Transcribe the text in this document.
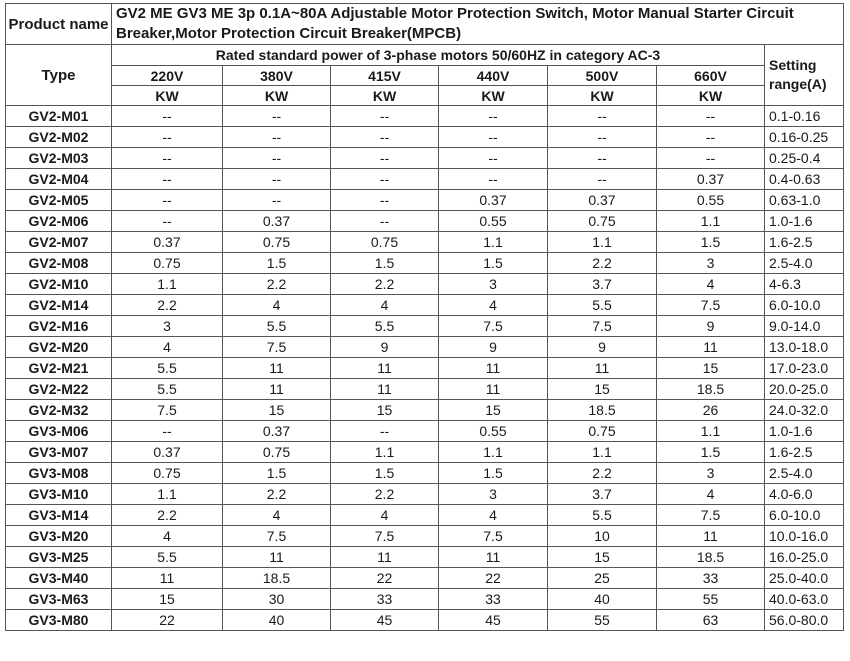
Product name	GV2 ME GV3 ME 3p 0.1A~80A Adjustable Motor Protection Switch, Motor Manual Starter Circuit Breaker,Motor Protection Circuit Breaker(MPCB)						
Type	Rated standard power of 3-phase motors 50/60HZ in category AC-3						Setting range(A)
	220V	380V	415V	440V	500V	660V	
	KW	KW	KW	KW	KW	KW	
GV2-M01	--	--	--	--	--	--	0.1-0.16
GV2-M02	--	--	--	--	--	--	0.16-0.25
GV2-M03	--	--	--	--	--	--	0.25-0.4
GV2-M04	--	--	--	--	--	0.37	0.4-0.63
GV2-M05	--	--	--	0.37	0.37	0.55	0.63-1.0
GV2-M06	--	0.37	--	0.55	0.75	1.1	1.0-1.6
GV2-M07	0.37	0.75	0.75	1.1	1.1	1.5	1.6-2.5
GV2-M08	0.75	1.5	1.5	1.5	2.2	3	2.5-4.0
GV2-M10	1.1	2.2	2.2	3	3.7	4	4-6.3
GV2-M14	2.2	4	4	4	5.5	7.5	6.0-10.0
GV2-M16	3	5.5	5.5	7.5	7.5	9	9.0-14.0
GV2-M20	4	7.5	9	9	9	11	13.0-18.0
GV2-M21	5.5	11	11	11	11	15	17.0-23.0
GV2-M22	5.5	11	11	11	15	18.5	20.0-25.0
GV2-M32	7.5	15	15	15	18.5	26	24.0-32.0
GV3-M06	--	0.37	--	0.55	0.75	1.1	1.0-1.6
GV3-M07	0.37	0.75	1.1	1.1	1.1	1.5	1.6-2.5
GV3-M08	0.75	1.5	1.5	1.5	2.2	3	2.5-4.0
GV3-M10	1.1	2.2	2.2	3	3.7	4	4.0-6.0
GV3-M14	2.2	4	4	4	5.5	7.5	6.0-10.0
GV3-M20	4	7.5	7.5	7.5	10	11	10.0-16.0
GV3-M25	5.5	11	11	11	15	18.5	16.0-25.0
GV3-M40	11	18.5	22	22	25	33	25.0-40.0
GV3-M63	15	30	33	33	40	55	40.0-63.0
GV3-M80	22	40	45	45	55	63	56.0-80.0
